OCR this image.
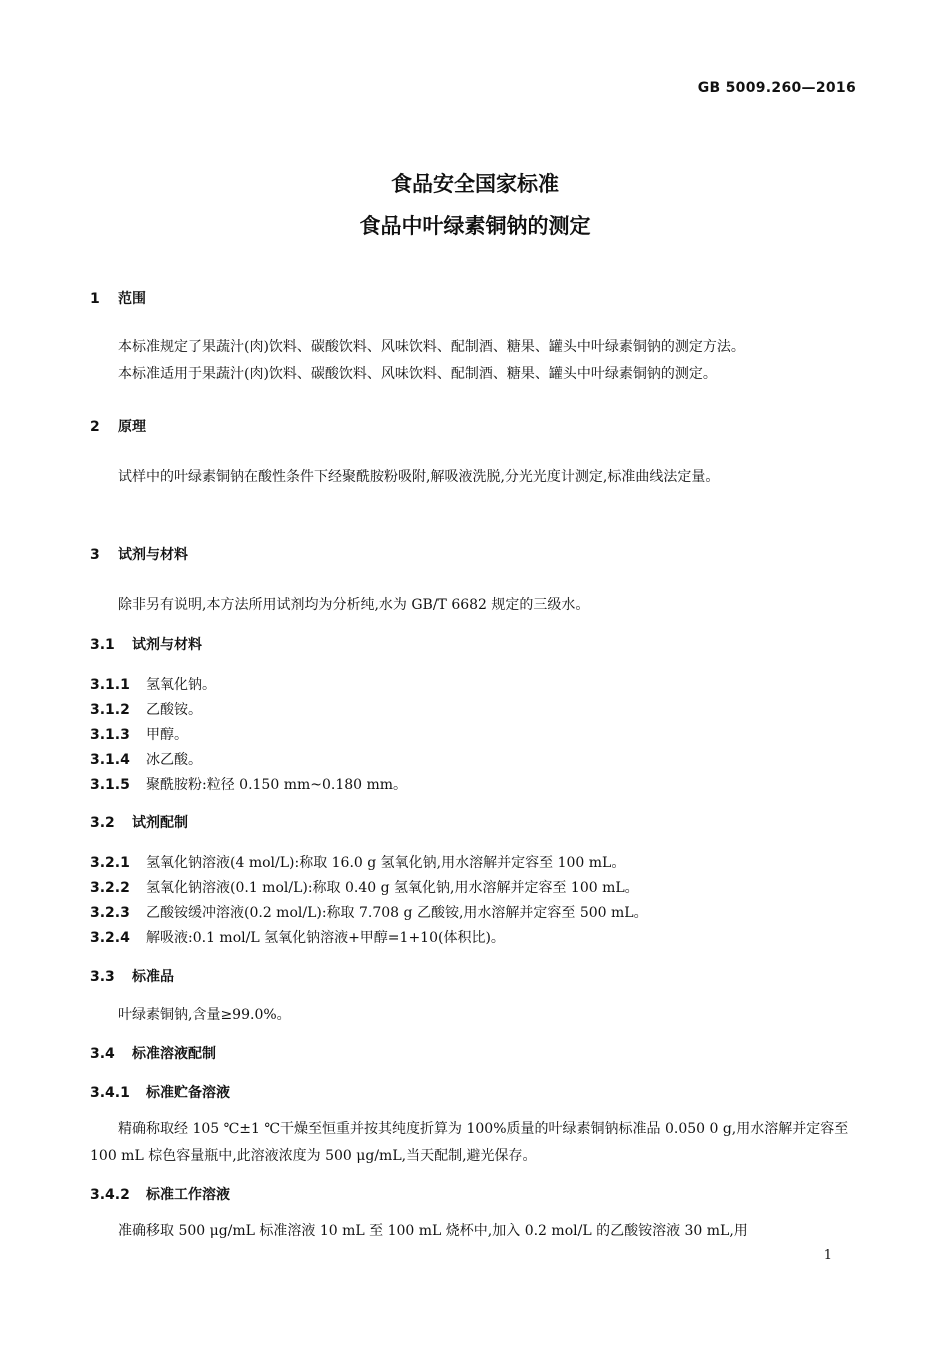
GB 5009.260—2016
食品安全国家标准
食品中叶绿素铜钠的测定
1 范围
本标准规定了果蔬汁(肉)饮料、碳酸饮料、风味饮料、配制酒、糖果、罐头中叶绿素铜钠的测定方法。
本标准适用于果蔬汁(肉)饮料、碳酸饮料、风味饮料、配制酒、糖果、罐头中叶绿素铜钠的测定。
2 原理
试样中的叶绿素铜钠在酸性条件下经聚酰胺粉吸附,解吸液洗脱,分光光度计测定,标准曲线法定量。
3 试剂与材料
除非另有说明,本方法所用试剂均为分析纯,水为 GB/T 6682 规定的三级水。
3.1 试剂与材料
3.1.1 氢氧化钠。
3.1.2 乙酸铵。
3.1.3 甲醇。
3.1.4 冰乙酸。
3.1.5 聚酰胺粉:粒径 0.150 mm~0.180 mm。
3.2 试剂配制
3.2.1 氢氧化钠溶液(4 mol/L):称取 16.0 g 氢氧化钠,用水溶解并定容至 100 mL。
3.2.2 氢氧化钠溶液(0.1 mol/L):称取 0.40 g 氢氧化钠,用水溶解并定容至 100 mL。
3.2.3 乙酸铵缓冲溶液(0.2 mol/L):称取 7.708 g 乙酸铵,用水溶解并定容至 500 mL。
3.2.4 解吸液:0.1 mol/L 氢氧化钠溶液+甲醇=1+10(体积比)。
3.3 标准品
叶绿素铜钠,含量≥99.0%。
3.4 标准溶液配制
3.4.1 标准贮备溶液
精确称取经 105 ℃±1 ℃干燥至恒重并按其纯度折算为 100%质量的叶绿素铜钠标准品 0.050 0 g,用水溶解并定容至 100 mL 棕色容量瓶中,此溶液浓度为 500 μg/mL,当天配制,避光保存。
3.4.2 标准工作溶液
准确移取 500 μg/mL 标准溶液 10 mL 至 100 mL 烧杯中,加入 0.2 mol/L 的乙酸铵溶液 30 mL,用
1
